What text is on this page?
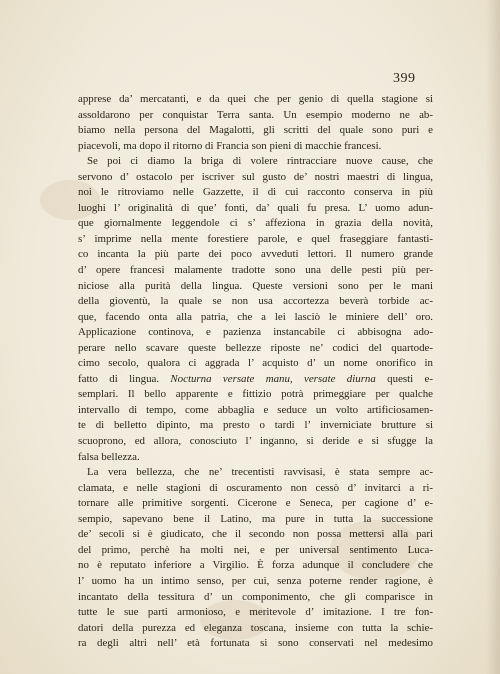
399
apprese da’ mercatanti, e da quei che per genio di quella stagione si
assoldarono per conquistar Terra santa. Un esempio moderno ne ab-
biamo nella persona del Magalotti, gli scritti del quale sono puri e
piacevoli, ma dopo il ritorno di Francia son pieni di macchie francesi.
Se poi ci diamo la briga di volere rintracciare nuove cause, che
servono d’ ostacolo per iscriver sul gusto de’ nostri maestri di lingua,
noi le ritroviamo nelle Gazzette, il di cui racconto conserva in più
luoghi l’ originalità di que’ fonti, da’ quali fu presa. L’ uomo adun-
que giornalmente leggendole ci s’ affeziona in grazia della novità,
s’ imprime nella mente forestiere parole, e quel fraseggiare fantasti-
co incanta la più parte dei poco avveduti lettori. Il numero grande
d’ opere francesi malamente tradotte sono una delle pesti più per-
niciose alla purità della lingua. Queste versioni sono per le mani
della gioventù, la quale se non usa accortezza beverà torbide ac-
que, facendo onta alla patria, che a lei lasciò le miniere dell’ oro.
Applicazione continova, e pazienza instancabile ci abbisogna ado-
perare nello scavare queste bellezze riposte ne’ codici del quartode-
cimo secolo, qualora ci aggrada l’ acquisto d’ un nome onorifico in
fatto di lingua. Nocturna versate manu, versate diurna questi e-
semplari. Il bello apparente e fittizio potrà primeggiare per qualche
intervallo di tempo, come abbaglia e seduce un volto artificiosamen-
te di belletto dipinto, ma presto o tardi l’ invernicìate brutture si
scuoprono, ed allora, conosciuto l’ inganno, si deride e si sfugge la
falsa bellezza.
La vera bellezza, che ne’ trecentisti ravvisasi, è stata sempre ac-
clamata, e nelle stagioni di oscuramento non cessò d’ invitarci a ri-
tornare alle primitive sorgenti. Cicerone e Seneca, per cagione d’ e-
sempio, sapevano bene il Latino, ma pure in tutta la successione
de’ secoli si è giudicato, che il secondo non possa mettersi alla pari
del primo, perchè ha molti nei, e per universal sentimento Luca-
no è reputato inferiore a Virgilio. È forza adunque il concludere che
l’ uomo ha un intimo senso, per cui, senza poterne render ragione, è
incantato della tessitura d’ un componimento, che gli comparisce in
tutte le sue parti armonioso, e meritevole d’ imitazione. I tre fon-
datori della purezza ed eleganza toscana, insieme con tutta la schie-
ra degli altri nell’ età fortunata si sono conservati nel medesimo
